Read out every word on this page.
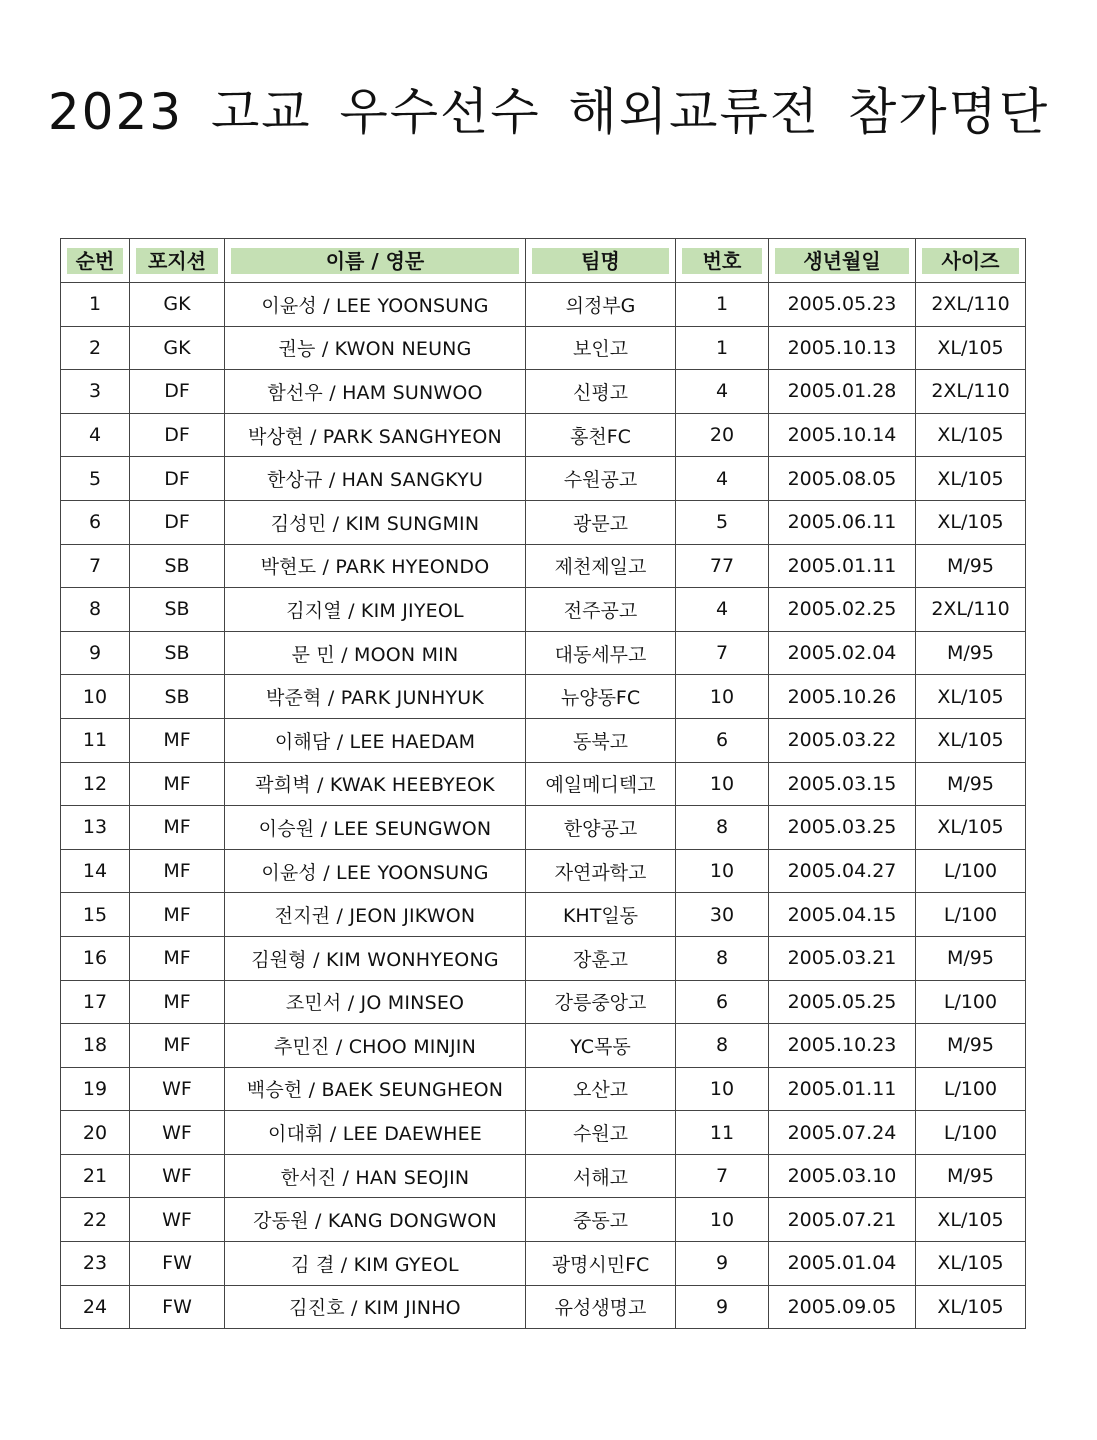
2023 고교 우수선수 해외교류전 참가명단
순번	포지션	이름 / 영문	팀명	번호	생년월일	사이즈

1	GK	이윤성 / LEE YOONSUNG	의정부G	1	2005.05.23	2XL/110
2	GK	권능 / KWON NEUNG	보인고	1	2005.10.13	XL/105
3	DF	함선우 / HAM SUNWOO	신평고	4	2005.01.28	2XL/110
4	DF	박상현 / PARK SANGHYEON	홍천FC	20	2005.10.14	XL/105
5	DF	한상규 / HAN SANGKYU	수원공고	4	2005.08.05	XL/105
6	DF	김성민 / KIM SUNGMIN	광문고	5	2005.06.11	XL/105
7	SB	박현도 / PARK HYEONDO	제천제일고	77	2005.01.11	M/95
8	SB	김지열 / KIM JIYEOL	전주공고	4	2005.02.25	2XL/110
9	SB	문 민 / MOON MIN	대동세무고	7	2005.02.04	M/95
10	SB	박준혁 / PARK JUNHYUK	뉴양동FC	10	2005.10.26	XL/105
11	MF	이해담 / LEE HAEDAM	동북고	6	2005.03.22	XL/105
12	MF	곽희벽 / KWAK HEEBYEOK	예일메디텍고	10	2005.03.15	M/95
13	MF	이승원 / LEE SEUNGWON	한양공고	8	2005.03.25	XL/105
14	MF	이윤성 / LEE YOONSUNG	자연과학고	10	2005.04.27	L/100
15	MF	전지권 / JEON JIKWON	KHT일동	30	2005.04.15	L/100
16	MF	김원형 / KIM WONHYEONG	장훈고	8	2005.03.21	M/95
17	MF	조민서 / JO MINSEO	강릉중앙고	6	2005.05.25	L/100
18	MF	추민진 / CHOO MINJIN	YC목동	8	2005.10.23	M/95
19	WF	백승헌 / BAEK SEUNGHEON	오산고	10	2005.01.11	L/100
20	WF	이대휘 / LEE DAEWHEE	수원고	11	2005.07.24	L/100
21	WF	한서진 / HAN SEOJIN	서해고	7	2005.03.10	M/95
22	WF	강동원 / KANG DONGWON	중동고	10	2005.07.21	XL/105
23	FW	김 결 / KIM GYEOL	광명시민FC	9	2005.01.04	XL/105
24	FW	김진호 / KIM JINHO	유성생명고	9	2005.09.05	XL/105
